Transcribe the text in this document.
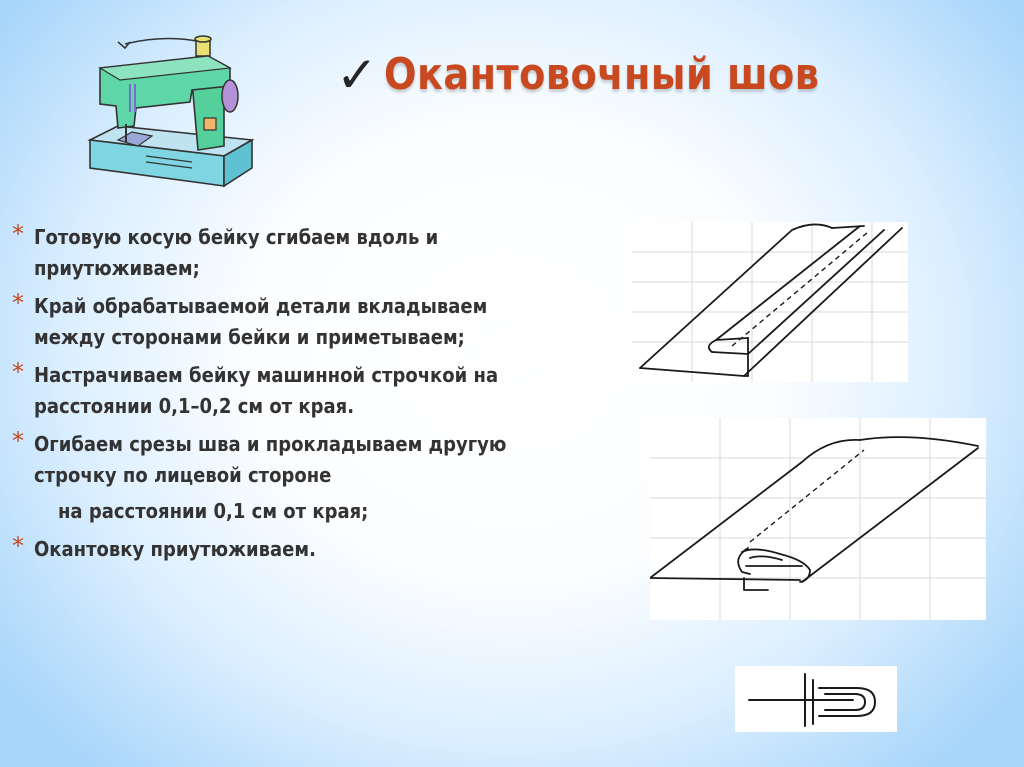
✓ Окантовочный шов
* Готовую косую бейку сгибаем вдоль и приутюживаем;
* Край обрабатываемой детали вкладываем между сторонами бейки и приметываем;
* Настрачиваем бейку машинной строчкой на расстоянии 0,1–0,2 см от края.
* Огибаем срезы шва и прокладываем другую строчку по лицевой стороне
на расстоянии 0,1 см от края;
* Окантовку приутюживаем.
